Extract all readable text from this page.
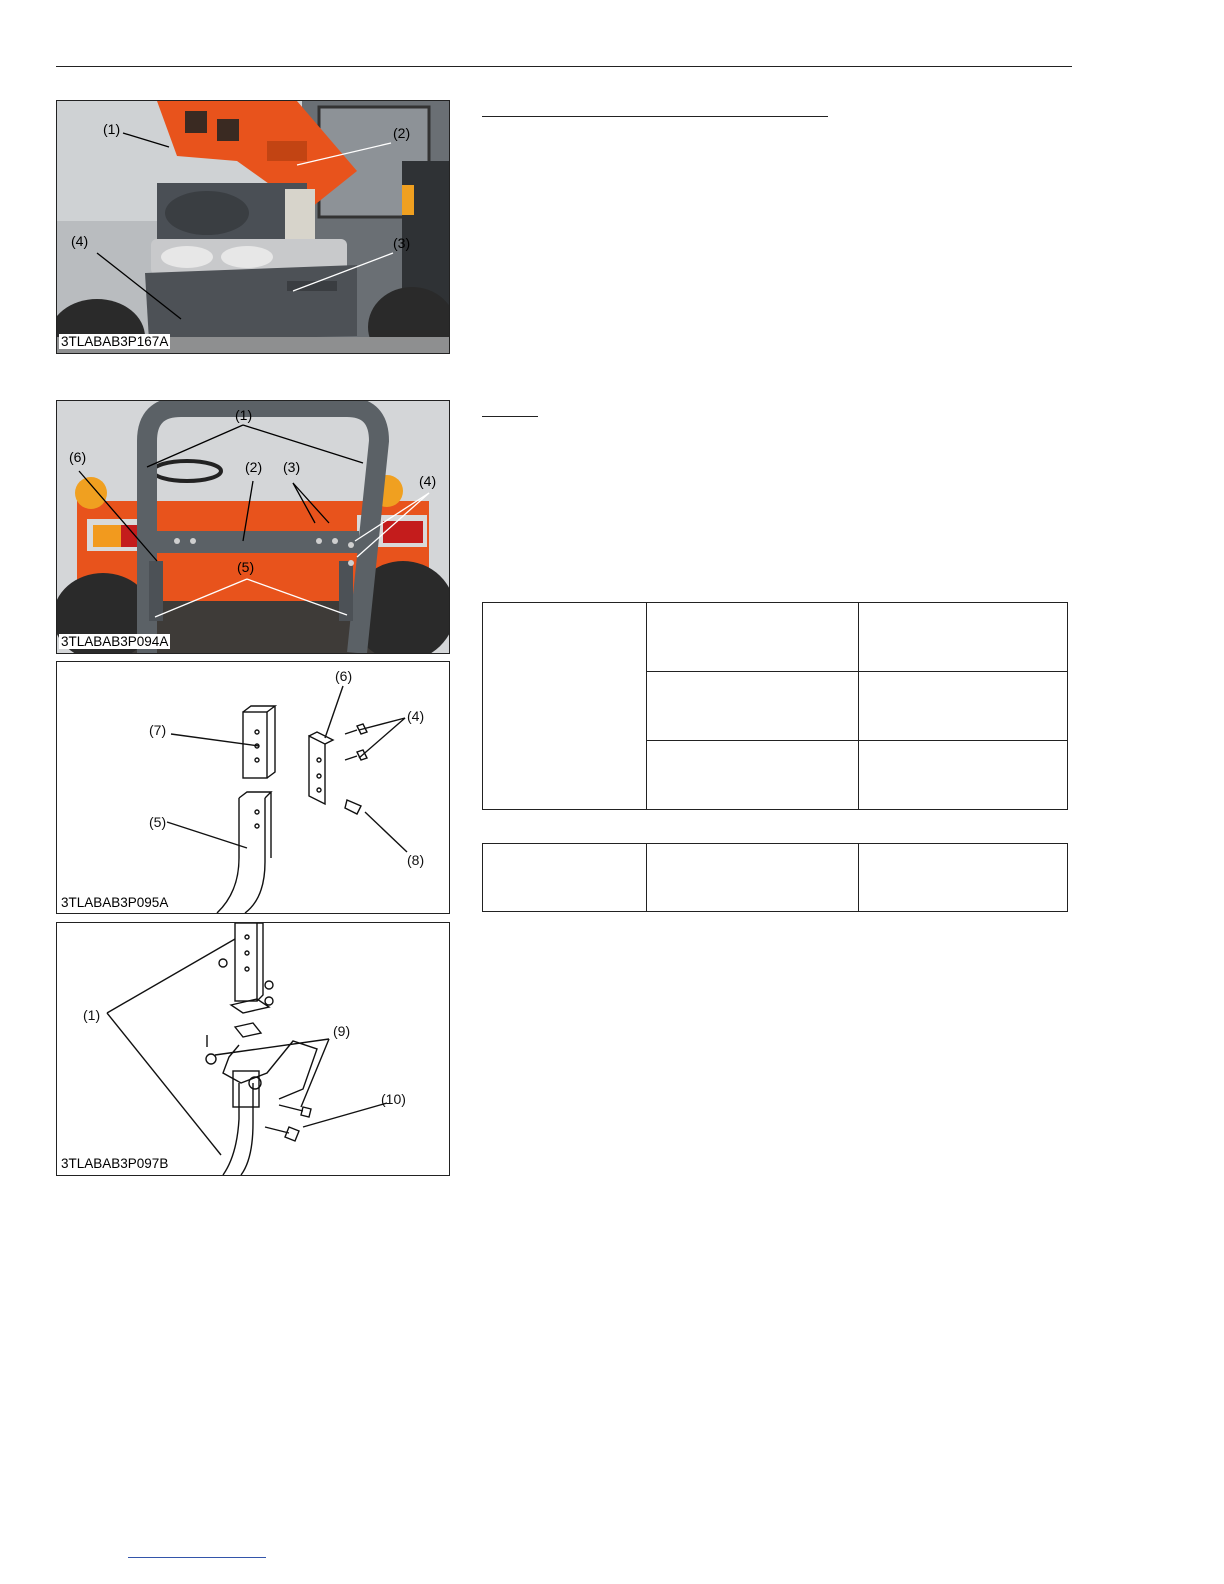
(1)	(2)
(3)
(4)
3TLABAB3P167A
(1)
(2) (3)
(4)
(5)
(6)
3TLABAB3P094A
(4)
(5)
(6)
(7)
(8)
3TLABAB3P095A
(1)
(9)
(10)
3TLABAB3P097B
